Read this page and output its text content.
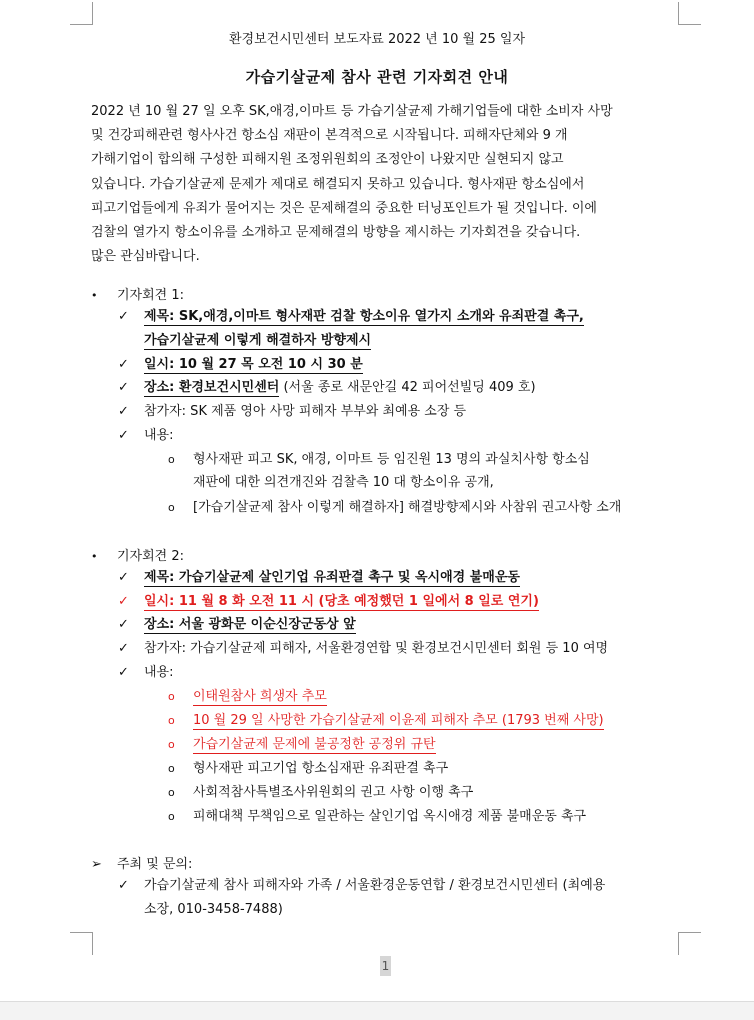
환경보건시민센터 보도자료 2022 년 10 월 25 일자
가습기살균제 참사 관련 기자회견 안내
2022 년 10 월 27 일 오후 SK,애경,이마트 등 가습기살균제 가해기업들에 대한 소비자 사망
및 건강피해관련 형사사건 항소심 재판이 본격적으로 시작됩니다. 피해자단체와 9 개
가해기업이 합의해 구성한 피해지원 조정위원회의 조정안이 나왔지만 실현되지 않고
있습니다. 가습기살균제 문제가 제대로 해결되지 못하고 있습니다. 형사재판 항소심에서
피고기업들에게 유죄가 물어지는 것은 문제해결의 중요한 터닝포인트가 될 것입니다. 이에
검찰의 열가지 항소이유를 소개하고 문제해결의 방향을 제시하는 기자회견을 갖습니다.
많은 관심바랍니다.
• 기자회견 1:
✓ 제목: SK,애경,이마트 형사재판 검찰 항소이유 열가지 소개와 유죄판결 촉구,
가습기살균제 이렇게 해결하자 방향제시
✓ 일시: 10 월 27 목 오전 10 시 30 분
✓ 장소: 환경보건시민센터 (서울 종로 새문안길 42 피어선빌딩 409 호)
✓ 참가자: SK 제품 영아 사망 피해자 부부와 최예용 소장 등
✓ 내용:
o 형사재판 피고 SK, 애경, 이마트 등 임진원 13 명의 과실치사항 항소심
재판에 대한 의견개진와 검찰측 10 대 항소이유 공개,
o [가습기살균제 참사 이렇게 해결하자] 해결방향제시와 사참위 권고사항 소개
• 기자회견 2:
✓ 제목: 가습기살균제 살인기업 유죄판결 촉구 및 옥시애경 불매운동
✓ 일시: 11 월 8 화 오전 11 시 (당초 예정했던 1 일에서 8 일로 연기)
✓ 장소: 서울 광화문 이순신장군동상 앞
✓ 참가자: 가습기살균제 피해자, 서울환경연합 및 환경보건시민센터 회원 등 10 여명
✓ 내용:
o 이태원참사 희생자 추모
o 10 월 29 일 사망한 가습기살균제 이윤제 피해자 추모 (1793 번째 사망)
o 가습기살균제 문제에 불공정한 공정위 규탄
o 형사재판 피고기업 항소심재판 유죄판결 촉구
o 사회적참사특별조사위원회의 권고 사항 이행 촉구
o 피해대책 무책임으로 일관하는 살인기업 옥시애경 제품 불매운동 촉구
➢ 주최 및 문의:
✓ 가습기살균제 참사 피해자와 가족 / 서울환경운동연합 / 환경보건시민센터 (최예용
소장, 010-3458-7488)
1
